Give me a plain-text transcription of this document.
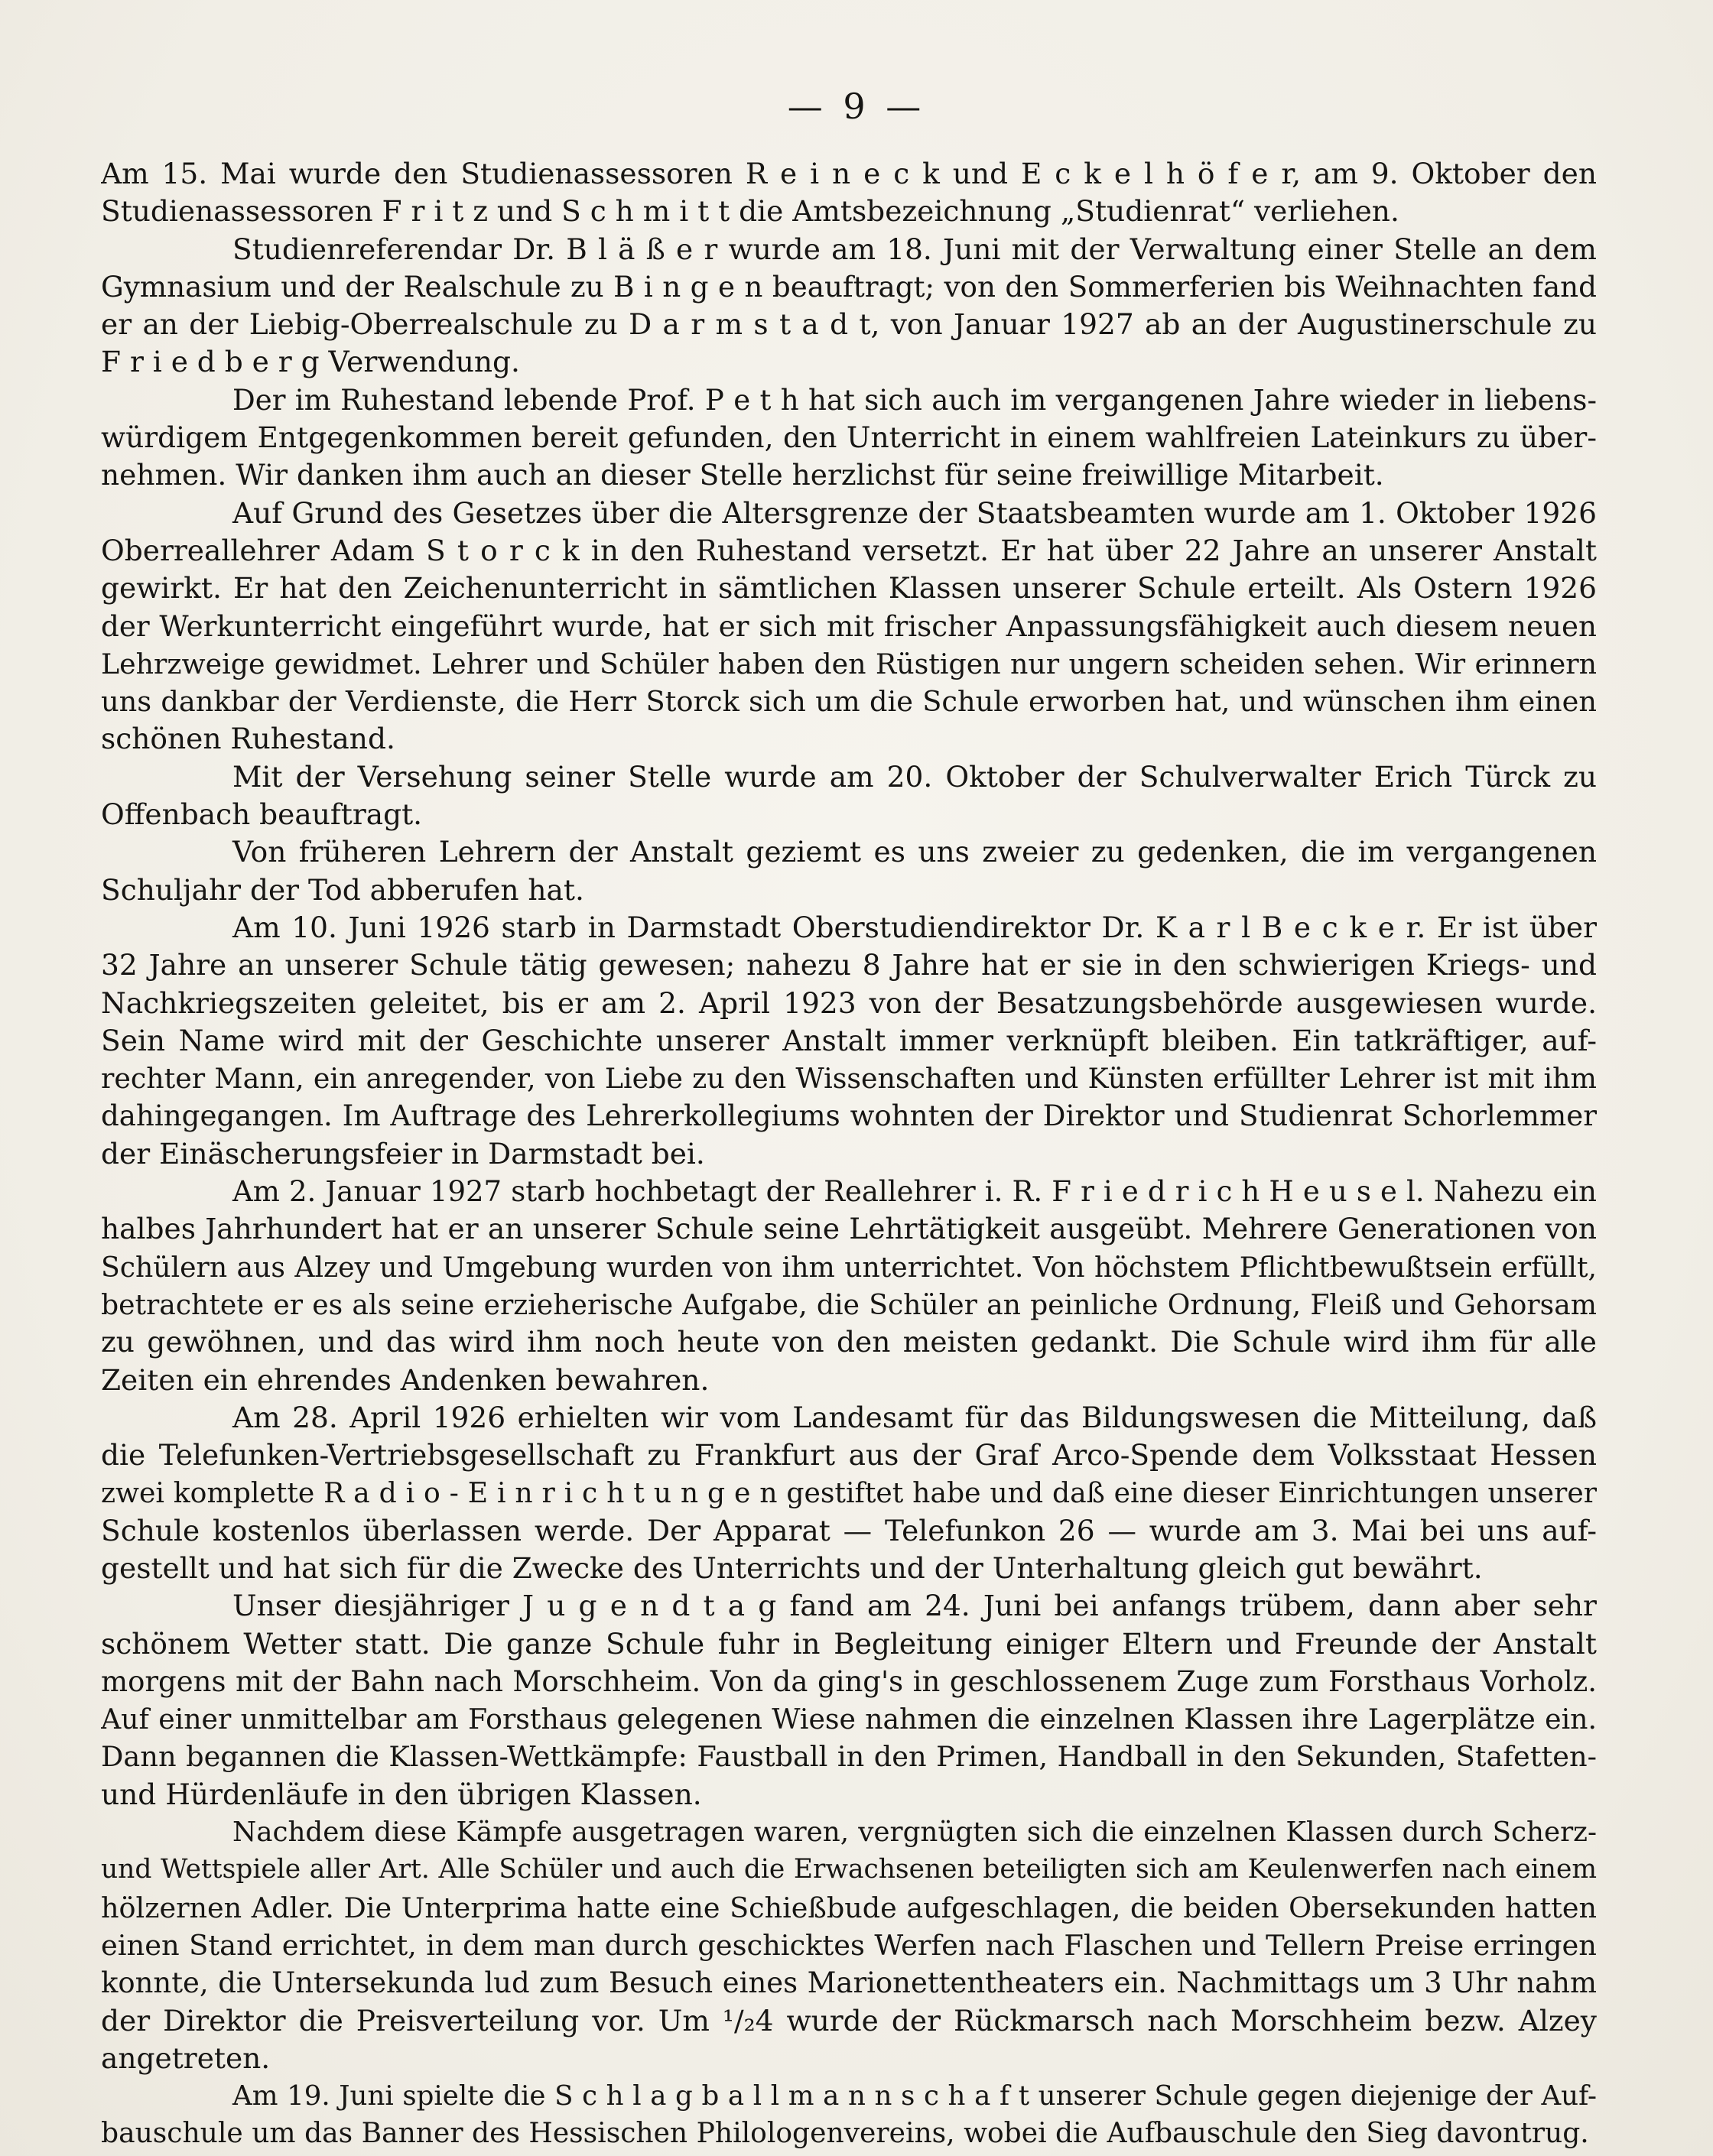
— 9 —
Am 15. Mai wurde den Studienassessoren R e i n e c k und E c k e l h ö f e r, am 9. Oktober den
Studienassessoren F r i t z und S c h m i t t die Amtsbezeichnung „Studienrat“ verliehen.
Studienreferendar Dr. B l ä ß e r wurde am 18. Juni mit der Verwaltung einer Stelle an dem
Gymnasium und der Realschule zu B i n g e n beauftragt; von den Sommerferien bis Weihnachten fand
er an der Liebig-Oberrealschule zu D a r m s t a d t, von Januar 1927 ab an der Augustinerschule zu
F r i e d b e r g Verwendung.
Der im Ruhestand lebende Prof. P e t h hat sich auch im vergangenen Jahre wieder in liebens-
würdigem Entgegenkommen bereit gefunden, den Unterricht in einem wahlfreien Lateinkurs zu über-
nehmen. Wir danken ihm auch an dieser Stelle herzlichst für seine freiwillige Mitarbeit.
Auf Grund des Gesetzes über die Altersgrenze der Staatsbeamten wurde am 1. Oktober 1926
Oberreallehrer Adam S t o r c k in den Ruhestand versetzt. Er hat über 22 Jahre an unserer Anstalt
gewirkt. Er hat den Zeichenunterricht in sämtlichen Klassen unserer Schule erteilt. Als Ostern 1926
der Werkunterricht eingeführt wurde, hat er sich mit frischer Anpassungsfähigkeit auch diesem neuen
Lehrzweige gewidmet. Lehrer und Schüler haben den Rüstigen nur ungern scheiden sehen. Wir erinnern
uns dankbar der Verdienste, die Herr Storck sich um die Schule erworben hat, und wünschen ihm einen
schönen Ruhestand.
Mit der Versehung seiner Stelle wurde am 20. Oktober der Schulverwalter Erich Türck zu
Offenbach beauftragt.
Von früheren Lehrern der Anstalt geziemt es uns zweier zu gedenken, die im vergangenen
Schuljahr der Tod abberufen hat.
Am 10. Juni 1926 starb in Darmstadt Oberstudiendirektor Dr. K a r l B e c k e r. Er ist über
32 Jahre an unserer Schule tätig gewesen; nahezu 8 Jahre hat er sie in den schwierigen Kriegs- und
Nachkriegszeiten geleitet, bis er am 2. April 1923 von der Besatzungsbehörde ausgewiesen wurde.
Sein Name wird mit der Geschichte unserer Anstalt immer verknüpft bleiben. Ein tatkräftiger, auf-
rechter Mann, ein anregender, von Liebe zu den Wissenschaften und Künsten erfüllter Lehrer ist mit ihm
dahingegangen. Im Auftrage des Lehrerkollegiums wohnten der Direktor und Studienrat Schorlemmer
der Einäscherungsfeier in Darmstadt bei.
Am 2. Januar 1927 starb hochbetagt der Reallehrer i. R. F r i e d r i c h H e u s e l. Nahezu ein
halbes Jahrhundert hat er an unserer Schule seine Lehrtätigkeit ausgeübt. Mehrere Generationen von
Schülern aus Alzey und Umgebung wurden von ihm unterrichtet. Von höchstem Pflichtbewußtsein erfüllt,
betrachtete er es als seine erzieherische Aufgabe, die Schüler an peinliche Ordnung, Fleiß und Gehorsam
zu gewöhnen, und das wird ihm noch heute von den meisten gedankt. Die Schule wird ihm für alle
Zeiten ein ehrendes Andenken bewahren.
Am 28. April 1926 erhielten wir vom Landesamt für das Bildungswesen die Mitteilung, daß
die Telefunken-Vertriebsgesellschaft zu Frankfurt aus der Graf Arco-Spende dem Volksstaat Hessen
zwei komplette R a d i o - E i n r i c h t u n g e n gestiftet habe und daß eine dieser Einrichtungen unserer
Schule kostenlos überlassen werde. Der Apparat — Telefunkon 26 — wurde am 3. Mai bei uns auf-
gestellt und hat sich für die Zwecke des Unterrichts und der Unterhaltung gleich gut bewährt.
Unser diesjähriger J u g e n d t a g fand am 24. Juni bei anfangs trübem, dann aber sehr
schönem Wetter statt. Die ganze Schule fuhr in Begleitung einiger Eltern und Freunde der Anstalt
morgens mit der Bahn nach Morschheim. Von da ging's in geschlossenem Zuge zum Forsthaus Vorholz.
Auf einer unmittelbar am Forsthaus gelegenen Wiese nahmen die einzelnen Klassen ihre Lagerplätze ein.
Dann begannen die Klassen-Wettkämpfe: Faustball in den Primen, Handball in den Sekunden, Stafetten-
und Hürdenläufe in den übrigen Klassen.
Nachdem diese Kämpfe ausgetragen waren, vergnügten sich die einzelnen Klassen durch Scherz-
und Wettspiele aller Art. Alle Schüler und auch die Erwachsenen beteiligten sich am Keulenwerfen nach einem
hölzernen Adler. Die Unterprima hatte eine Schießbude aufgeschlagen, die beiden Obersekunden hatten
einen Stand errichtet, in dem man durch geschicktes Werfen nach Flaschen und Tellern Preise erringen
konnte, die Untersekunda lud zum Besuch eines Marionettentheaters ein. Nachmittags um 3 Uhr nahm
der Direktor die Preisverteilung vor. Um ¹/₂4 wurde der Rückmarsch nach Morschheim bezw. Alzey
angetreten.
Am 19. Juni spielte die S c h l a g b a l l m a n n s c h a f t unserer Schule gegen diejenige der Auf-
bauschule um das Banner des Hessischen Philologenvereins, wobei die Aufbauschule den Sieg davontrug.
